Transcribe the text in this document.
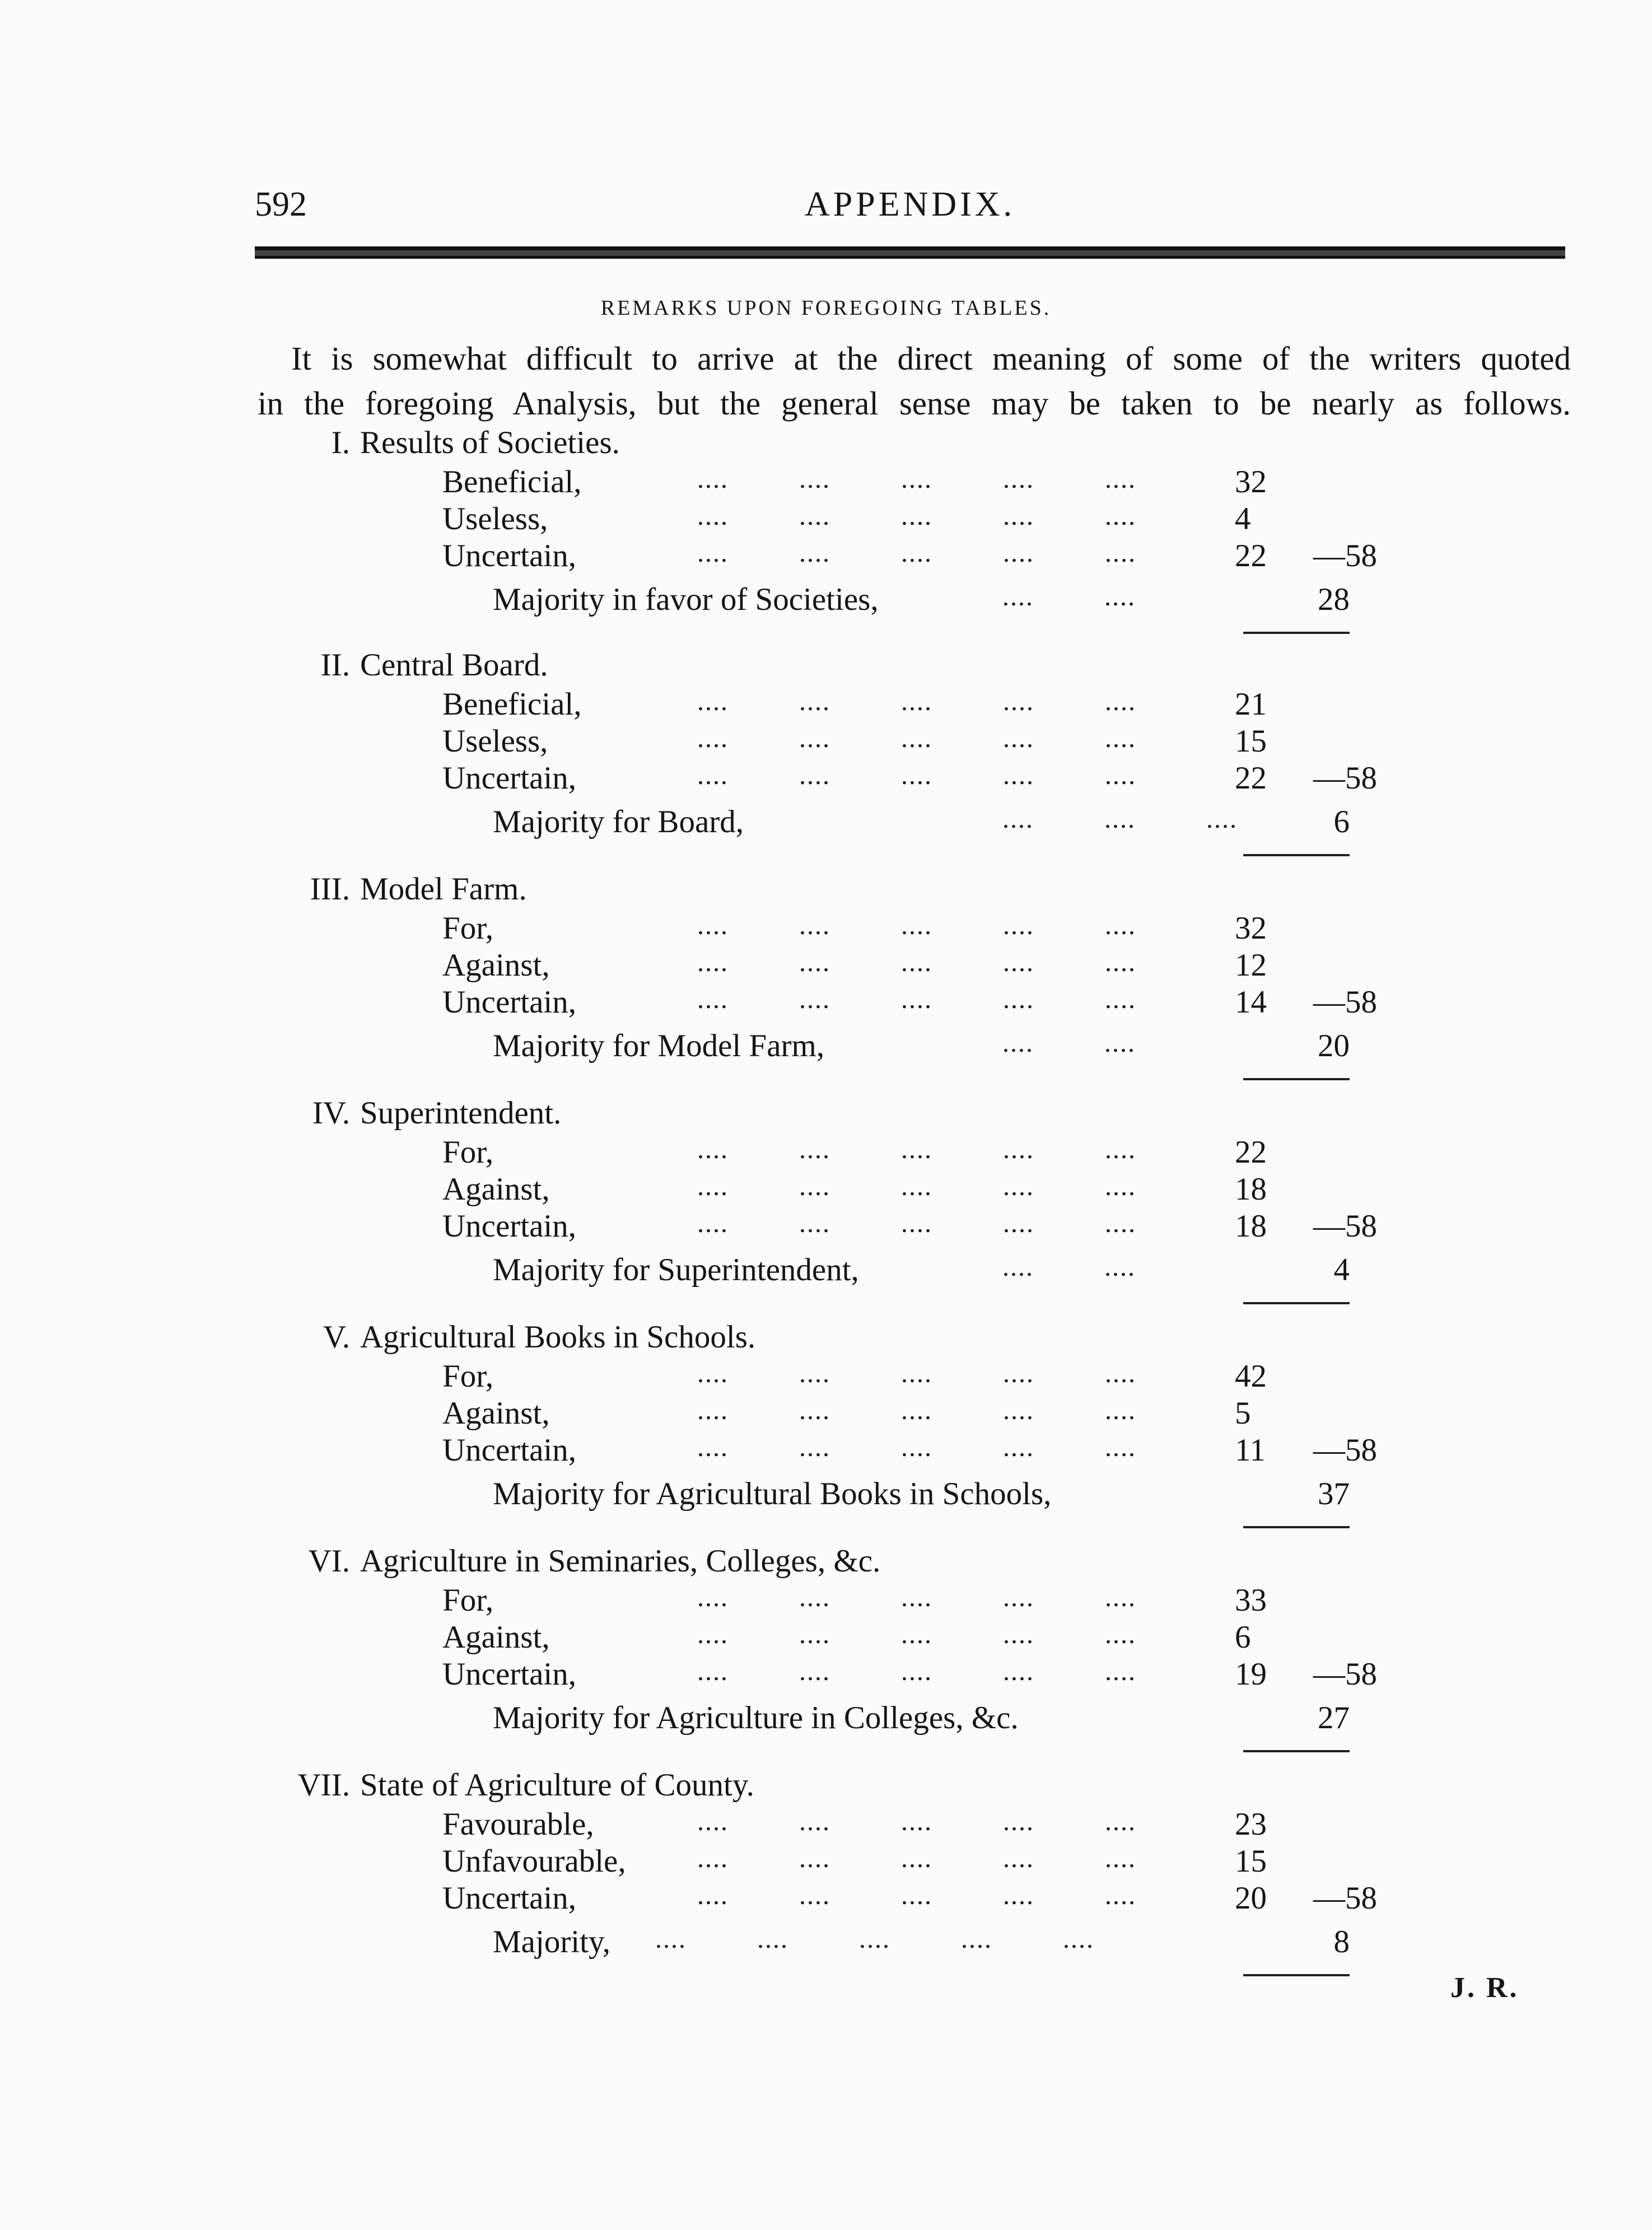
592	APPENDIX.
REMARKS UPON FOREGOING TABLES.
It is somewhat difficult to arrive at the direct meaning of some of the writers quoted
in the foregoing Analysis, but the general sense may be taken to be nearly as follows.
I. Results of Societies.
Beneficial,	.... .... .... .... ....	32
Useless,	.... .... .... .... ....	4
Uncertain,	.... .... .... .... ....	22 —58
Majority in favor of Societies,	.... ....	28
II. Central Board.
Beneficial,	.... .... .... .... ....	21
Useless,	.... .... .... .... ....	15
Uncertain,	.... .... .... .... ....	22 —58
Majority for Board,	.... .... ....	6
III. Model Farm.
For,	.... .... .... .... ....	32
Against,	.... .... .... .... ....	12
Uncertain,	.... .... .... .... ....	14 —58
Majority for Model Farm,	.... ....	20
IV. Superintendent.
For,	.... .... .... .... ....	22
Against,	.... .... .... .... ....	18
Uncertain,	.... .... .... .... ....	18 —58
Majority for Superintendent,	.... ....	4
V. Agricultural Books in Schools.
For,	.... .... .... .... ....	42
Against,	.... .... .... .... ....	5
Uncertain,	.... .... .... .... ....	11 —58
Majority for Agricultural Books in Schools,	37
VI. Agriculture in Seminaries, Colleges, &c.
For,	.... .... .... .... ....	33
Against,	.... .... .... .... ....	6
Uncertain,	.... .... .... .... ....	19 —58
Majority for Agriculture in Colleges, &c.	27
VII. State of Agriculture of County.
Favourable,	.... .... .... .... ....	23
Unfavourable,	.... .... .... .... ....	15
Uncertain,	.... .... .... .... ....	20 —58
Majority, .... .... .... .... ....	8
J. R.
